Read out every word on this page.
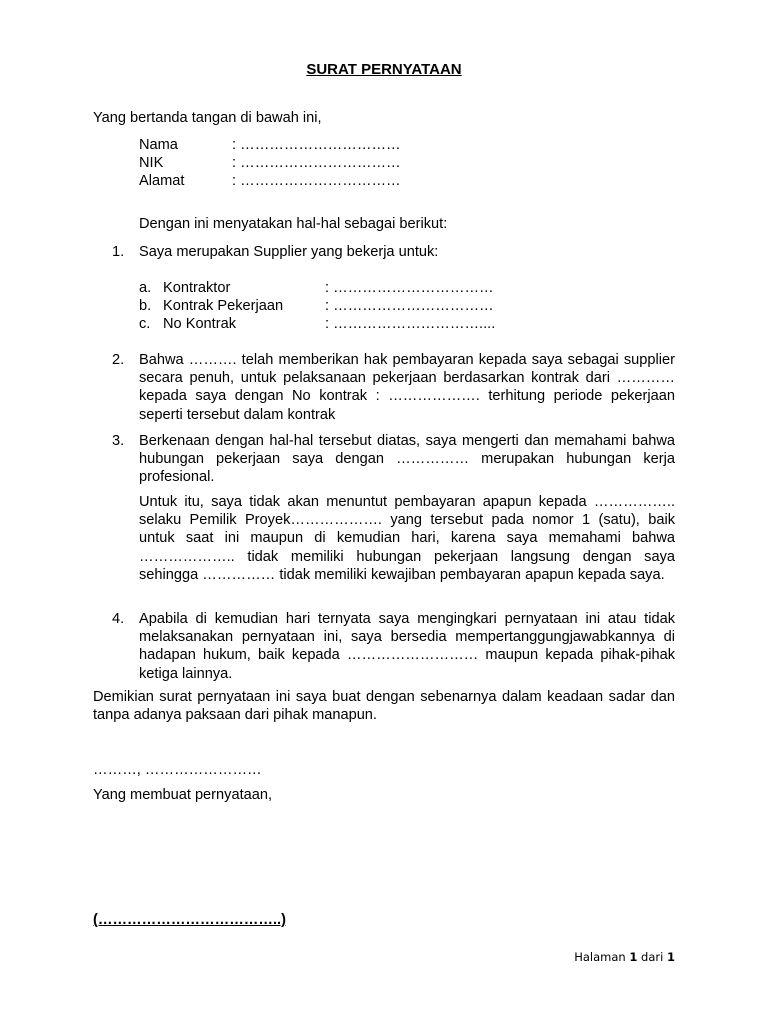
SURAT PERNYATAAN
Yang bertanda tangan di bawah ini,
Nama	: ……………………………
NIK	: ……………………………
Alamat	: ……………………………
Dengan ini menyatakan hal-hal sebagai berikut:
1. Saya merupakan Supplier yang bekerja untuk:
a. Kontraktor	: ……………………………
b. Kontrak Pekerjaan	: ……………………………
c. No Kontrak	: …………………………....
2. Bahwa ………. telah memberikan hak pembayaran kepada saya sebagai supplier secara penuh, untuk pelaksanaan pekerjaan berdasarkan kontrak dari ………… kepada saya dengan No kontrak : ………………. terhitung periode pekerjaan seperti tersebut dalam kontrak
3. Berkenaan dengan hal-hal tersebut diatas, saya mengerti dan memahami bahwa hubungan pekerjaan saya dengan …………… merupakan hubungan kerja profesional.
Untuk itu, saya tidak akan menuntut pembayaran apapun kepada …………….. selaku Pemilik Proyek………………. yang tersebut pada nomor 1 (satu), baik untuk saat ini maupun di kemudian hari, karena saya memahami bahwa ……………….. tidak memiliki hubungan pekerjaan langsung dengan saya sehingga …………… tidak memiliki kewajiban pembayaran apapun kepada saya.
4. Apabila di kemudian hari ternyata saya mengingkari pernyataan ini atau tidak melaksanakan pernyataan ini, saya bersedia mempertanggungjawabkannya di hadapan hukum, baik kepada ……………………… maupun kepada pihak-pihak ketiga lainnya.
Demikian surat pernyataan ini saya buat dengan sebenarnya dalam keadaan sadar dan tanpa adanya paksaan dari pihak manapun.
………, ……………………
Yang membuat pernyataan,
(………………………………..)
Halaman 1 dari 1
